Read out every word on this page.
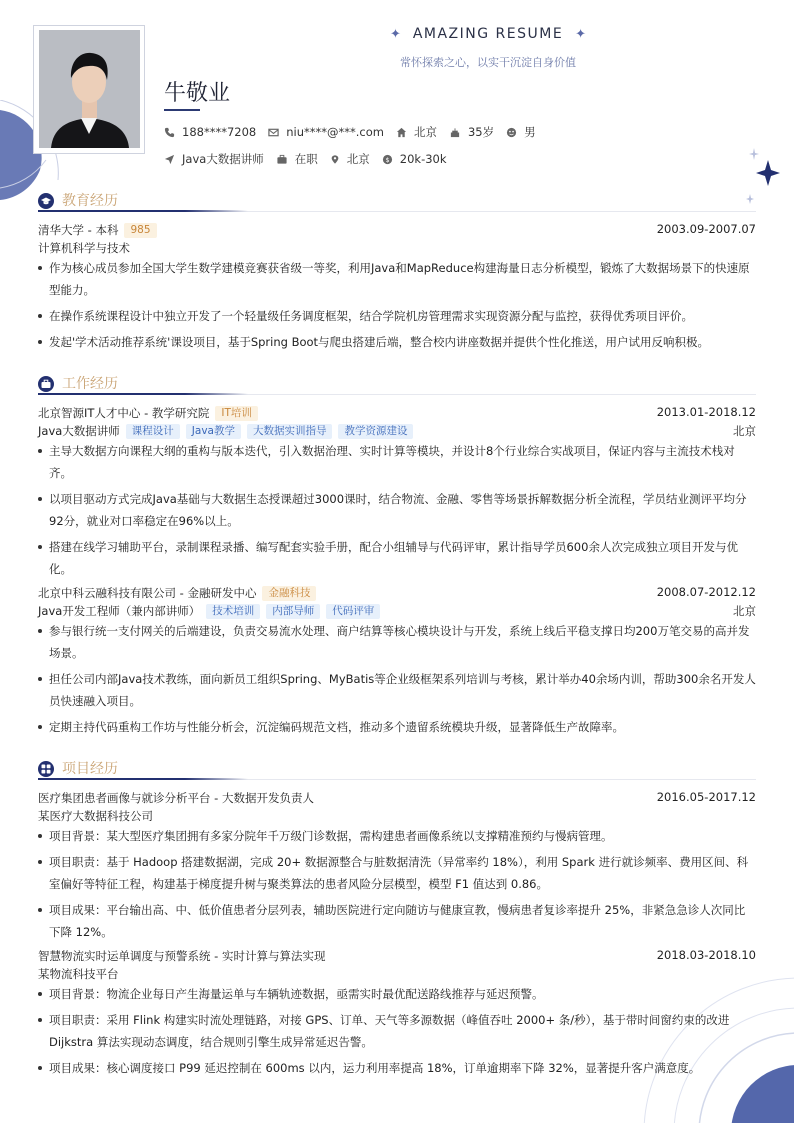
✦ AMAZING RESUME ✦
常怀探索之心，以实干沉淀自身价值
牛敬业
188****7208	niu****@***.com	北京	35岁	男
Java大数据讲师	在职	北京 $ 20k-30k
教育经历
清华大学 - 本科	985	2003.09-2007.07
计算机科学与技术
作为核心成员参加全国大学生数学建模竞赛获省级一等奖，利用Java和MapReduce构建海量日志分析模型，锻炼了大数据场景下的快速原型能力。
在操作系统课程设计中独立开发了一个轻量级任务调度框架，结合学院机房管理需求实现资源分配与监控，获得优秀项目评价。
发起'学术活动推荐系统'课设项目，基于Spring Boot与爬虫搭建后端，整合校内讲座数据并提供个性化推送，用户试用反响积极。
工作经历
北京智源IT人才中心 - 教学研究院	IT培训	2013.01-2018.12
Java大数据讲师	课程设计	Java教学	大数据实训指导	教学资源建设	北京
主导大数据方向课程大纲的重构与版本迭代，引入数据治理、实时计算等模块，并设计8个行业综合实战项目，保证内容与主流技术栈对齐。
以项目驱动方式完成Java基础与大数据生态授课超过3000课时，结合物流、金融、零售等场景拆解数据分析全流程，学员结业测评平均分92分，就业对口率稳定在96%以上。
搭建在线学习辅助平台，录制课程录播、编写配套实验手册，配合小组辅导与代码评审，累计指导学员600余人次完成独立项目开发与优化。
北京中科云融科技有限公司 - 金融研发中心	金融科技	2008.07-2012.12
Java开发工程师（兼内部讲师）	技术培训	内部导师	代码评审	北京
参与银行统一支付网关的后端建设，负责交易流水处理、商户结算等核心模块设计与开发，系统上线后平稳支撑日均200万笔交易的高并发场景。
担任公司内部Java技术教练，面向新员工组织Spring、MyBatis等企业级框架系列培训与考核，累计举办40余场内训，帮助300余名开发人员快速融入项目。
定期主持代码重构工作坊与性能分析会，沉淀编码规范文档，推动多个遗留系统模块升级，显著降低生产故障率。
项目经历
医疗集团患者画像与就诊分析平台 - 大数据开发负责人	2016.05-2017.12
某医疗大数据科技公司
项目背景：某大型医疗集团拥有多家分院年千万级门诊数据，需构建患者画像系统以支撑精准预约与慢病管理。
项目职责：基于 Hadoop 搭建数据湖，完成 20+ 数据源整合与脏数据清洗（异常率约 18%），利用 Spark 进行就诊频率、费用区间、科室偏好等特征工程，构建基于梯度提升树与聚类算法的患者风险分层模型，模型 F1 值达到 0.86。
项目成果：平台输出高、中、低价值患者分层列表，辅助医院进行定向随访与健康宣教，慢病患者复诊率提升 25%，非紧急急诊人次同比下降 12%。
智慧物流实时运单调度与预警系统 - 实时计算与算法实现	2018.03-2018.10
某物流科技平台
项目背景：物流企业每日产生海量运单与车辆轨迹数据，亟需实时最优配送路线推荐与延迟预警。
项目职责：采用 Flink 构建实时流处理链路，对接 GPS、订单、天气等多源数据（峰值吞吐 2000+ 条/秒），基于带时间窗约束的改进 Dijkstra 算法实现动态调度，结合规则引擎生成异常延迟告警。
项目成果：核心调度接口 P99 延迟控制在 600ms 以内，运力利用率提高 18%，订单逾期率下降 32%，显著提升客户满意度。
